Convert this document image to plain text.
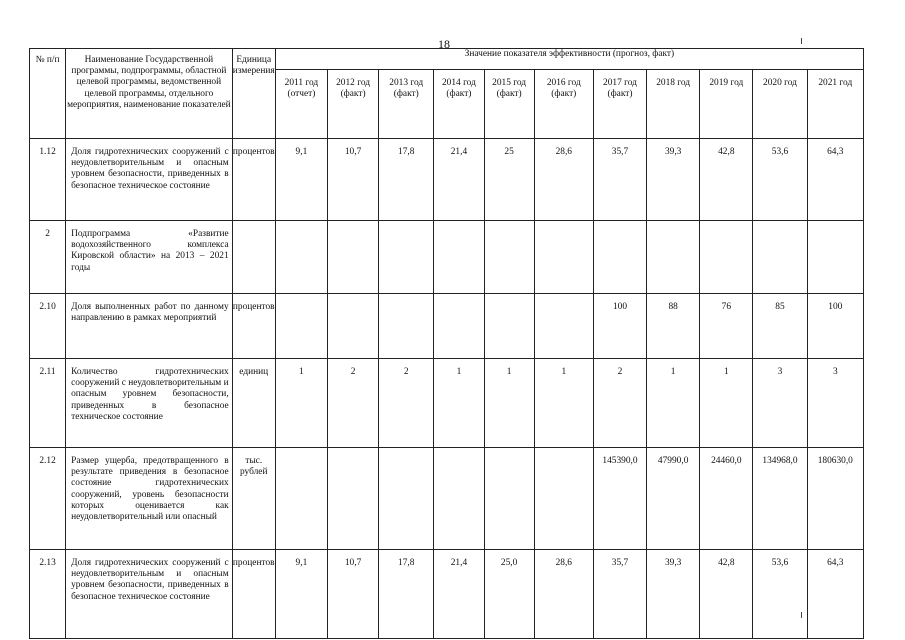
18
№ п/п	Наименование Государственной программы, подпрограммы, областной целевой программы, ведомственной целевой программы, отдельного мероприятия, наименование показателей	Единица измерения	Значение показателя эффективности (прогноз, факт)										
			2011 год (отчет)	2012 год (факт)	2013 год (факт)	2014 год (факт)	2015 год (факт)	2016 год (факт)	2017 год (факт)	2018 год	2019 год	2020 год	2021 год
1.12	Доля гидротехнических сооружений с неудовлетворительным и опасным уровнем безопасности, приведенных в безопасное техническое состояние	процентов	9,1	10,7	17,8	21,4	25	28,6	35,7	39,3	42,8	53,6	64,3
2	Подпрограмма «Развитие водохозяйственного комплекса Кировской области» на 2013 – 2021 годы												
2.10	Доля выполненных работ по данному направлению в рамках мероприятий	процентов							100	88	76	85	100
2.11	Количество гидротехнических сооружений с неудовлетворительным и опасным уровнем безопасности, приведенных в безопасное техническое состояние	единиц	1	2	2	1	1	1	2	1	1	3	3
2.12	Размер ущерба, предотвращенного в результате приведения в безопасное состояние гидротехнических сооружений, уровень безопасности которых оценивается как неудовлетворительный или опасный	тыс. рублей							145390,0	47990,0	24460,0	134968,0	180630,0
2.13	Доля гидротехнических сооружений с неудовлетворительным и опасным уровнем безопасности, приведенных в безопасное техническое состояние	процентов	9,1	10,7	17,8	21,4	25,0	28,6	35,7	39,3	42,8	53,6	64,3
